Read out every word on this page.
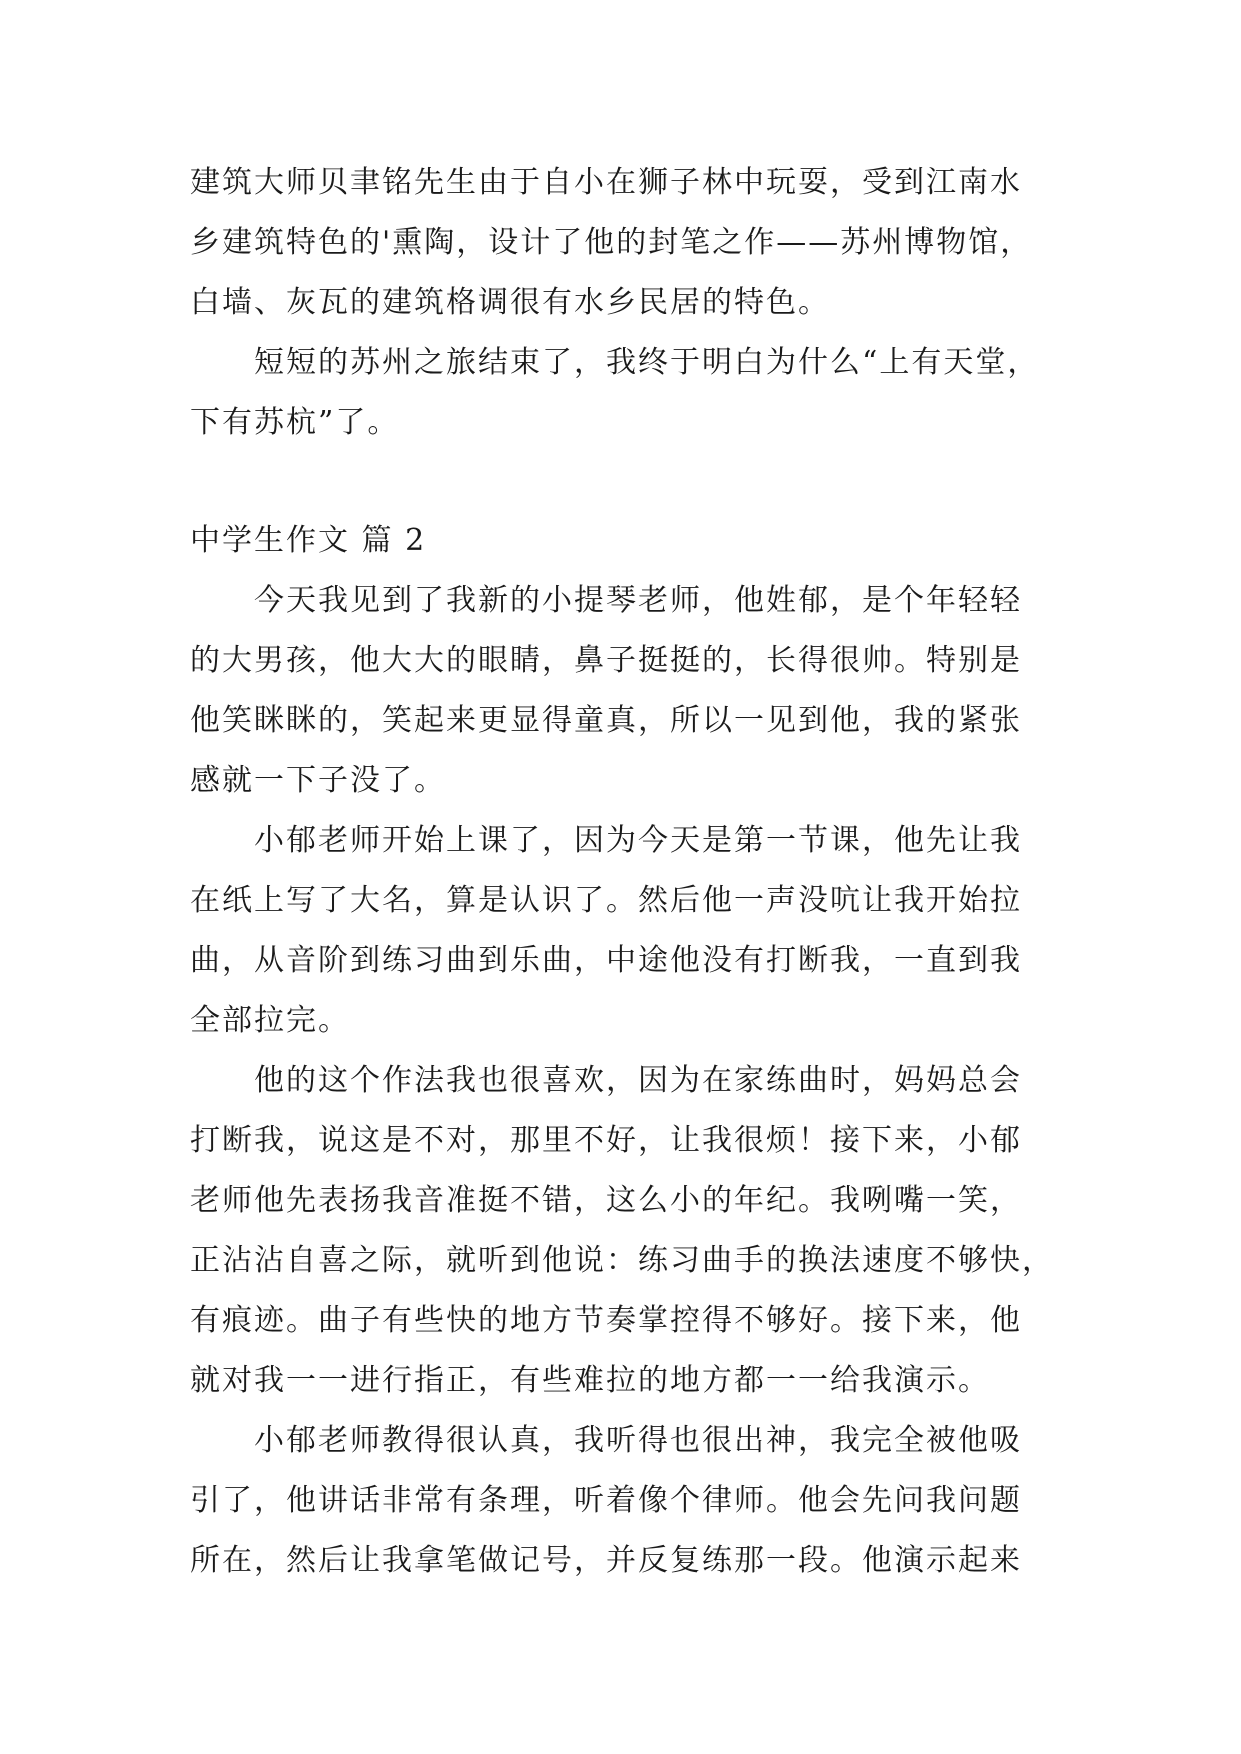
建筑大师贝聿铭先生由于自小在狮子林中玩耍，受到江南水
乡建筑特色的'熏陶，设计了他的封笔之作——苏州博物馆，
白墙、灰瓦的建筑格调很有水乡民居的特色。
短短的苏州之旅结束了，我终于明白为什么“上有天堂，
下有苏杭”了。
中学生作文 篇 2
今天我见到了我新的小提琴老师，他姓郁，是个年轻轻
的大男孩，他大大的眼睛，鼻子挺挺的，长得很帅。特别是
他笑眯眯的，笑起来更显得童真，所以一见到他，我的紧张
感就一下子没了。
小郁老师开始上课了，因为今天是第一节课，他先让我
在纸上写了大名，算是认识了。然后他一声没吭让我开始拉
曲，从音阶到练习曲到乐曲，中途他没有打断我，一直到我
全部拉完。
他的这个作法我也很喜欢，因为在家练曲时，妈妈总会
打断我，说这是不对，那里不好，让我很烦！接下来，小郁
老师他先表扬我音准挺不错，这么小的年纪。我咧嘴一笑，
正沾沾自喜之际，就听到他说：练习曲手的换法速度不够快，
有痕迹。曲子有些快的地方节奏掌控得不够好。接下来，他
就对我一一进行指正，有些难拉的地方都一一给我演示。
小郁老师教得很认真，我听得也很出神，我完全被他吸
引了，他讲话非常有条理，听着像个律师。他会先问我问题
所在，然后让我拿笔做记号，并反复练那一段。他演示起来
